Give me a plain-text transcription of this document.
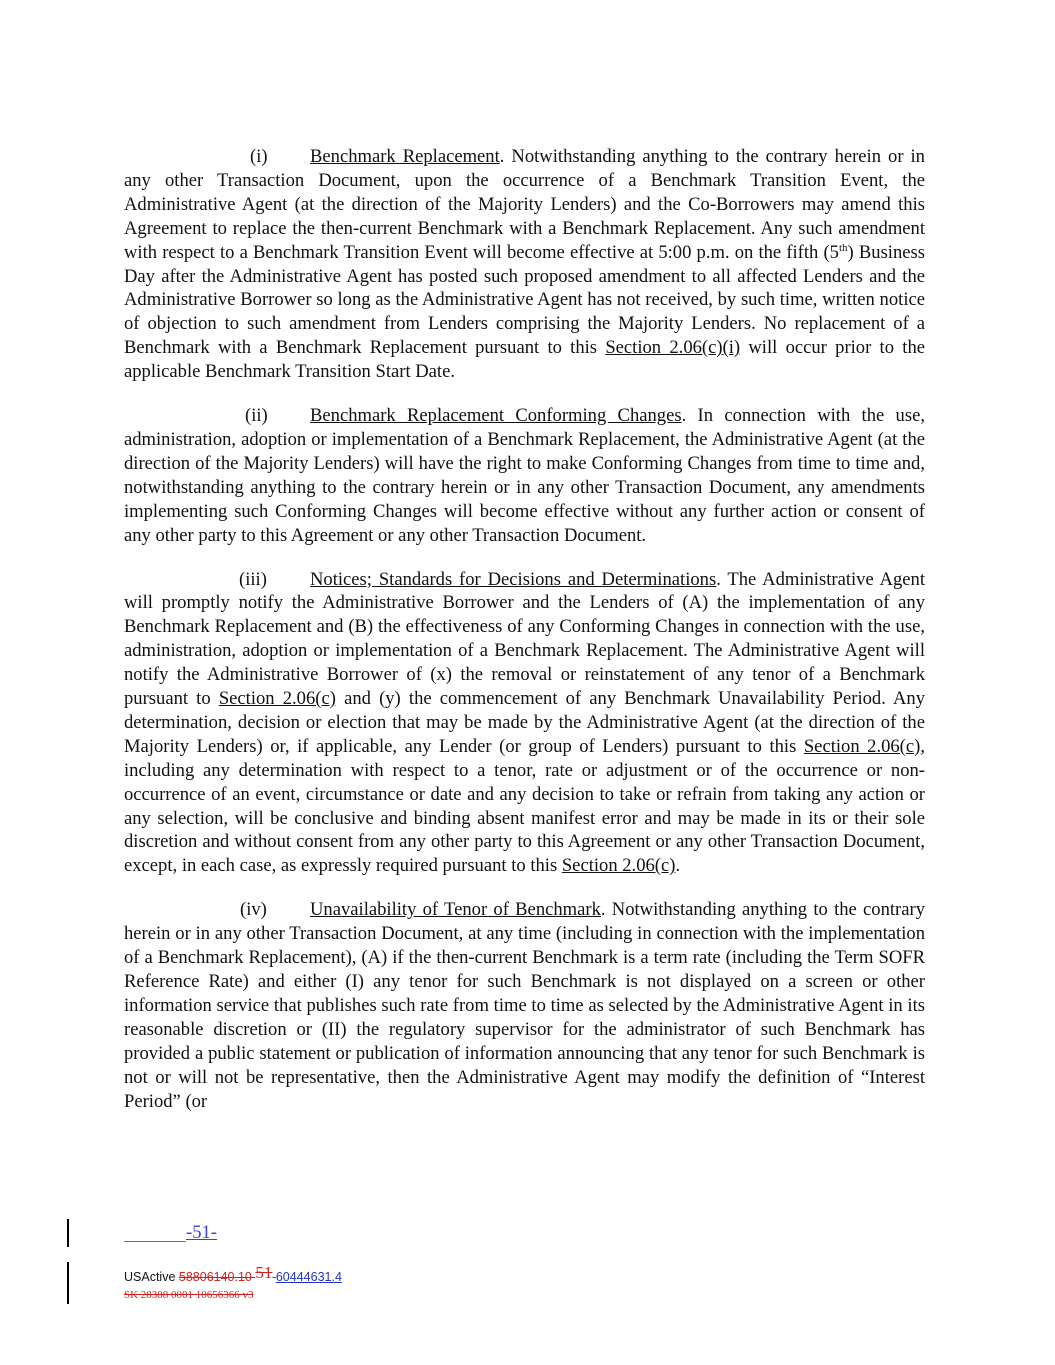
(i) Benchmark Replacement. Notwithstanding anything to the contrary herein or in any other Transaction Document, upon the occurrence of a Benchmark Transition Event, the Administrative Agent (at the direction of the Majority Lenders) and the Co-Borrowers may amend this Agreement to replace the then-current Benchmark with a Benchmark Replacement. Any such amendment with respect to a Benchmark Transition Event will become effective at 5:00 p.m. on the fifth (5th) Business Day after the Administrative Agent has posted such proposed amendment to all affected Lenders and the Administrative Borrower so long as the Administrative Agent has not received, by such time, written notice of objection to such amendment from Lenders comprising the Majority Lenders. No replacement of a Benchmark with a Benchmark Replacement pursuant to this Section 2.06(c)(i) will occur prior to the applicable Benchmark Transition Start Date.

(ii) Benchmark Replacement Conforming Changes. In connection with the use, administration, adoption or implementation of a Benchmark Replacement, the Administrative Agent (at the direction of the Majority Lenders) will have the right to make Conforming Changes from time to time and, notwithstanding anything to the contrary herein or in any other Transaction Document, any amendments implementing such Conforming Changes will become effective without any further action or consent of any other party to this Agreement or any other Transaction Document.

(iii) Notices; Standards for Decisions and Determinations. The Administrative Agent will promptly notify the Administrative Borrower and the Lenders of (A) the implementation of any Benchmark Replacement and (B) the effectiveness of any Conforming Changes in connection with the use, administration, adoption or implementation of a Benchmark Replacement. The Administrative Agent will notify the Administrative Borrower of (x) the removal or reinstatement of any tenor of a Benchmark pursuant to Section 2.06(c) and (y) the commencement of any Benchmark Unavailability Period. Any determination, decision or election that may be made by the Administrative Agent (at the direction of the Majority Lenders) or, if applicable, any Lender (or group of Lenders) pursuant to this Section 2.06(c), including any determination with respect to a tenor, rate or adjustment or of the occurrence or non-occurrence of an event, circumstance or date and any decision to take or refrain from taking any action or any selection, will be conclusive and binding absent manifest error and may be made in its or their sole discretion and without consent from any other party to this Agreement or any other Transaction Document, except, in each case, as expressly required pursuant to this Section 2.06(c).

(iv) Unavailability of Tenor of Benchmark. Notwithstanding anything to the contrary herein or in any other Transaction Document, at any time (including in connection with the implementation of a Benchmark Replacement), (A) if the then-current Benchmark is a term rate (including the Term SOFR Reference Rate) and either (I) any tenor for such Benchmark is not displayed on a screen or other information service that publishes such rate from time to time as selected by the Administrative Agent in its reasonable discretion or (II) the regulatory supervisor for the administrator of such Benchmark has provided a public statement or publication of information announcing that any tenor for such Benchmark is not or will not be representative, then the Administrative Agent may modify the definition of “Interest Period” (or

-51-
USActive 58806140.10 51 60444631.4
SK 28388 0001 10656366 v3
